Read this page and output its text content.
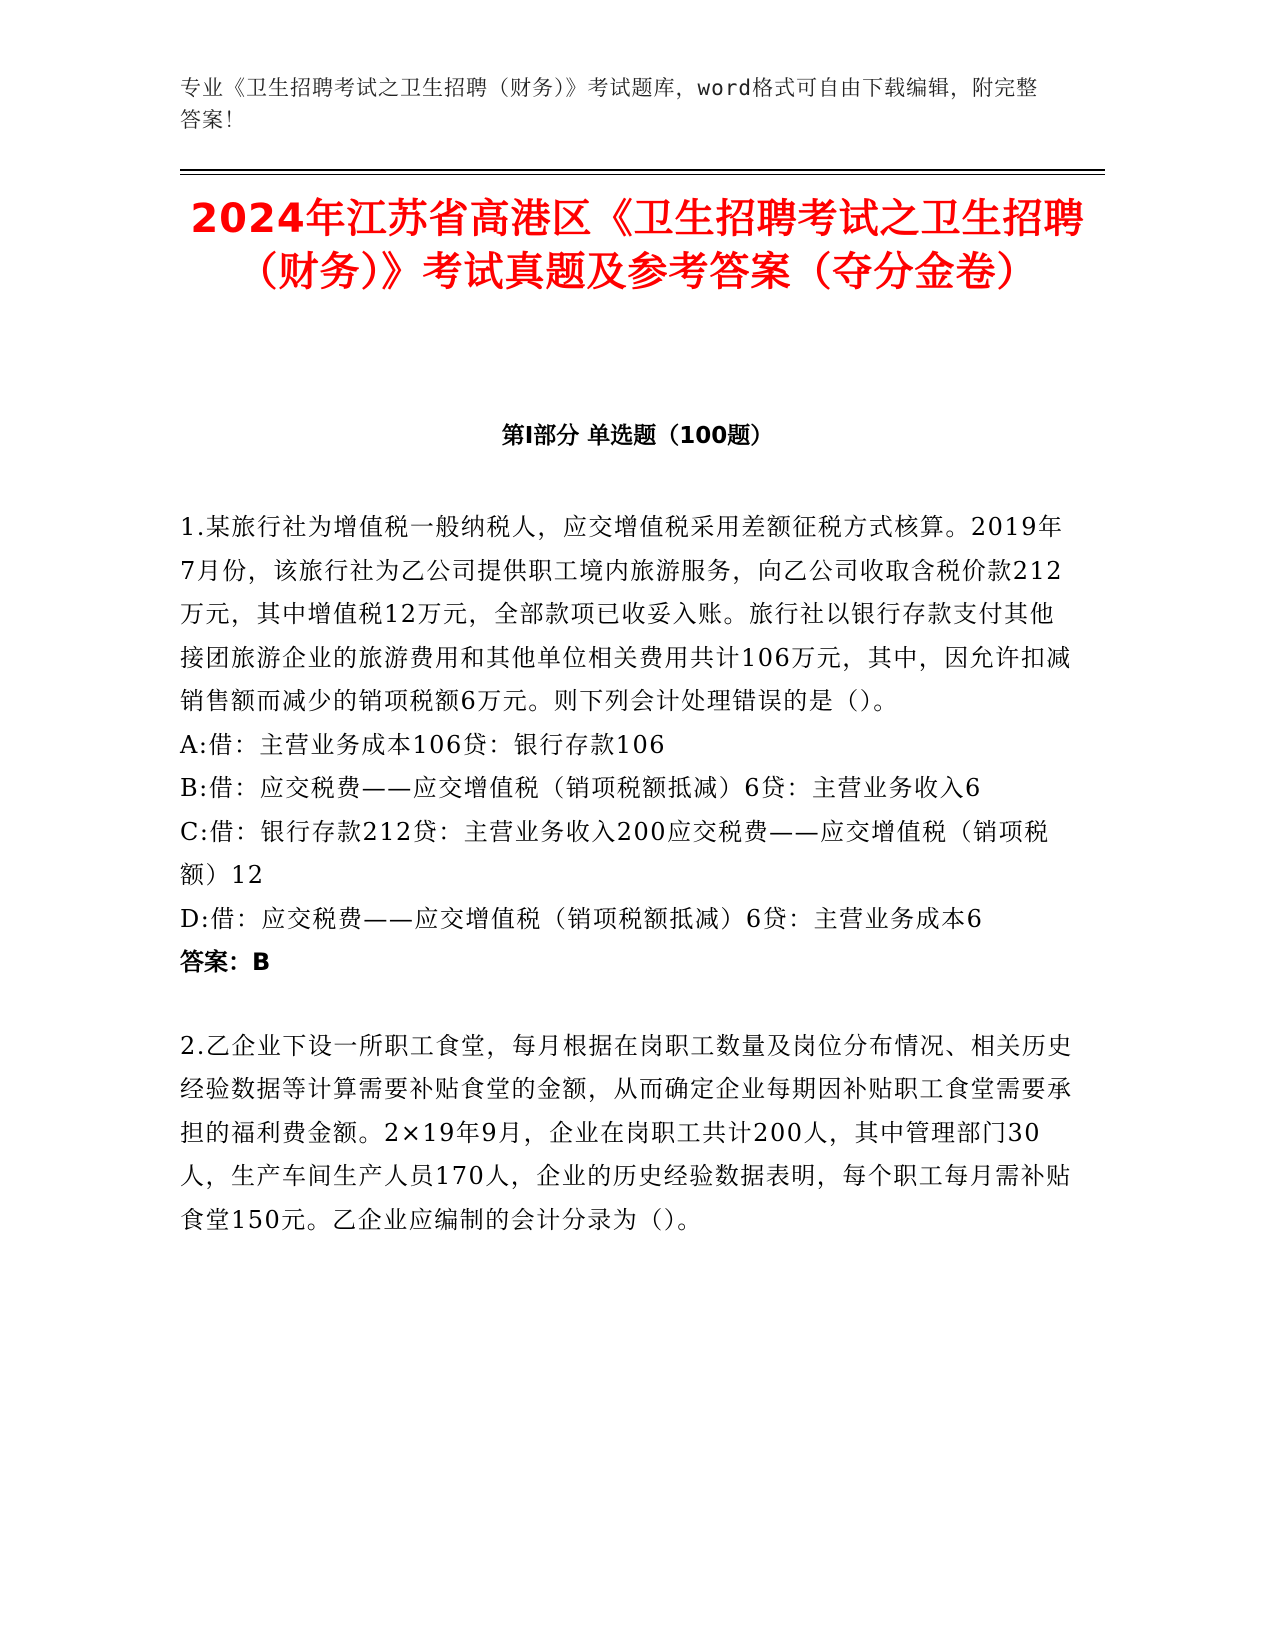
专业《卫生招聘考试之卫生招聘（财务）》考试题库，word格式可自由下载编辑，附完整答案！
2024年江苏省高港区《卫生招聘考试之卫生招聘（财务）》考试真题及参考答案（夺分金卷）
第Ⅰ部分 单选题（100题）

1.某旅行社为增值税一般纳税人，应交增值税采用差额征税方式核算。2019年7月份，该旅行社为乙公司提供职工境内旅游服务，向乙公司收取含税价款212万元，其中增值税12万元，全部款项已收妥入账。旅行社以银行存款支付其他接团旅游企业的旅游费用和其他单位相关费用共计106万元，其中，因允许扣减销售额而减少的销项税额6万元。则下列会计处理错误的是（）。

A:借：主营业务成本106贷：银行存款106

B:借：应交税费——应交增值税（销项税额抵减）6贷：主营业务收入6

C:借：银行存款212贷：主营业务收入200应交税费——应交增值税（销项税额）12

D:借：应交税费——应交增值税（销项税额抵减）6贷：主营业务成本6

答案：B

2.乙企业下设一所职工食堂，每月根据在岗职工数量及岗位分布情况、相关历史经验数据等计算需要补贴食堂的金额，从而确定企业每期因补贴职工食堂需要承担的福利费金额。2×19年9月，企业在岗职工共计200人，其中管理部门30人，生产车间生产人员170人，企业的历史经验数据表明，每个职工每月需补贴食堂150元。乙企业应编制的会计分录为（）。
